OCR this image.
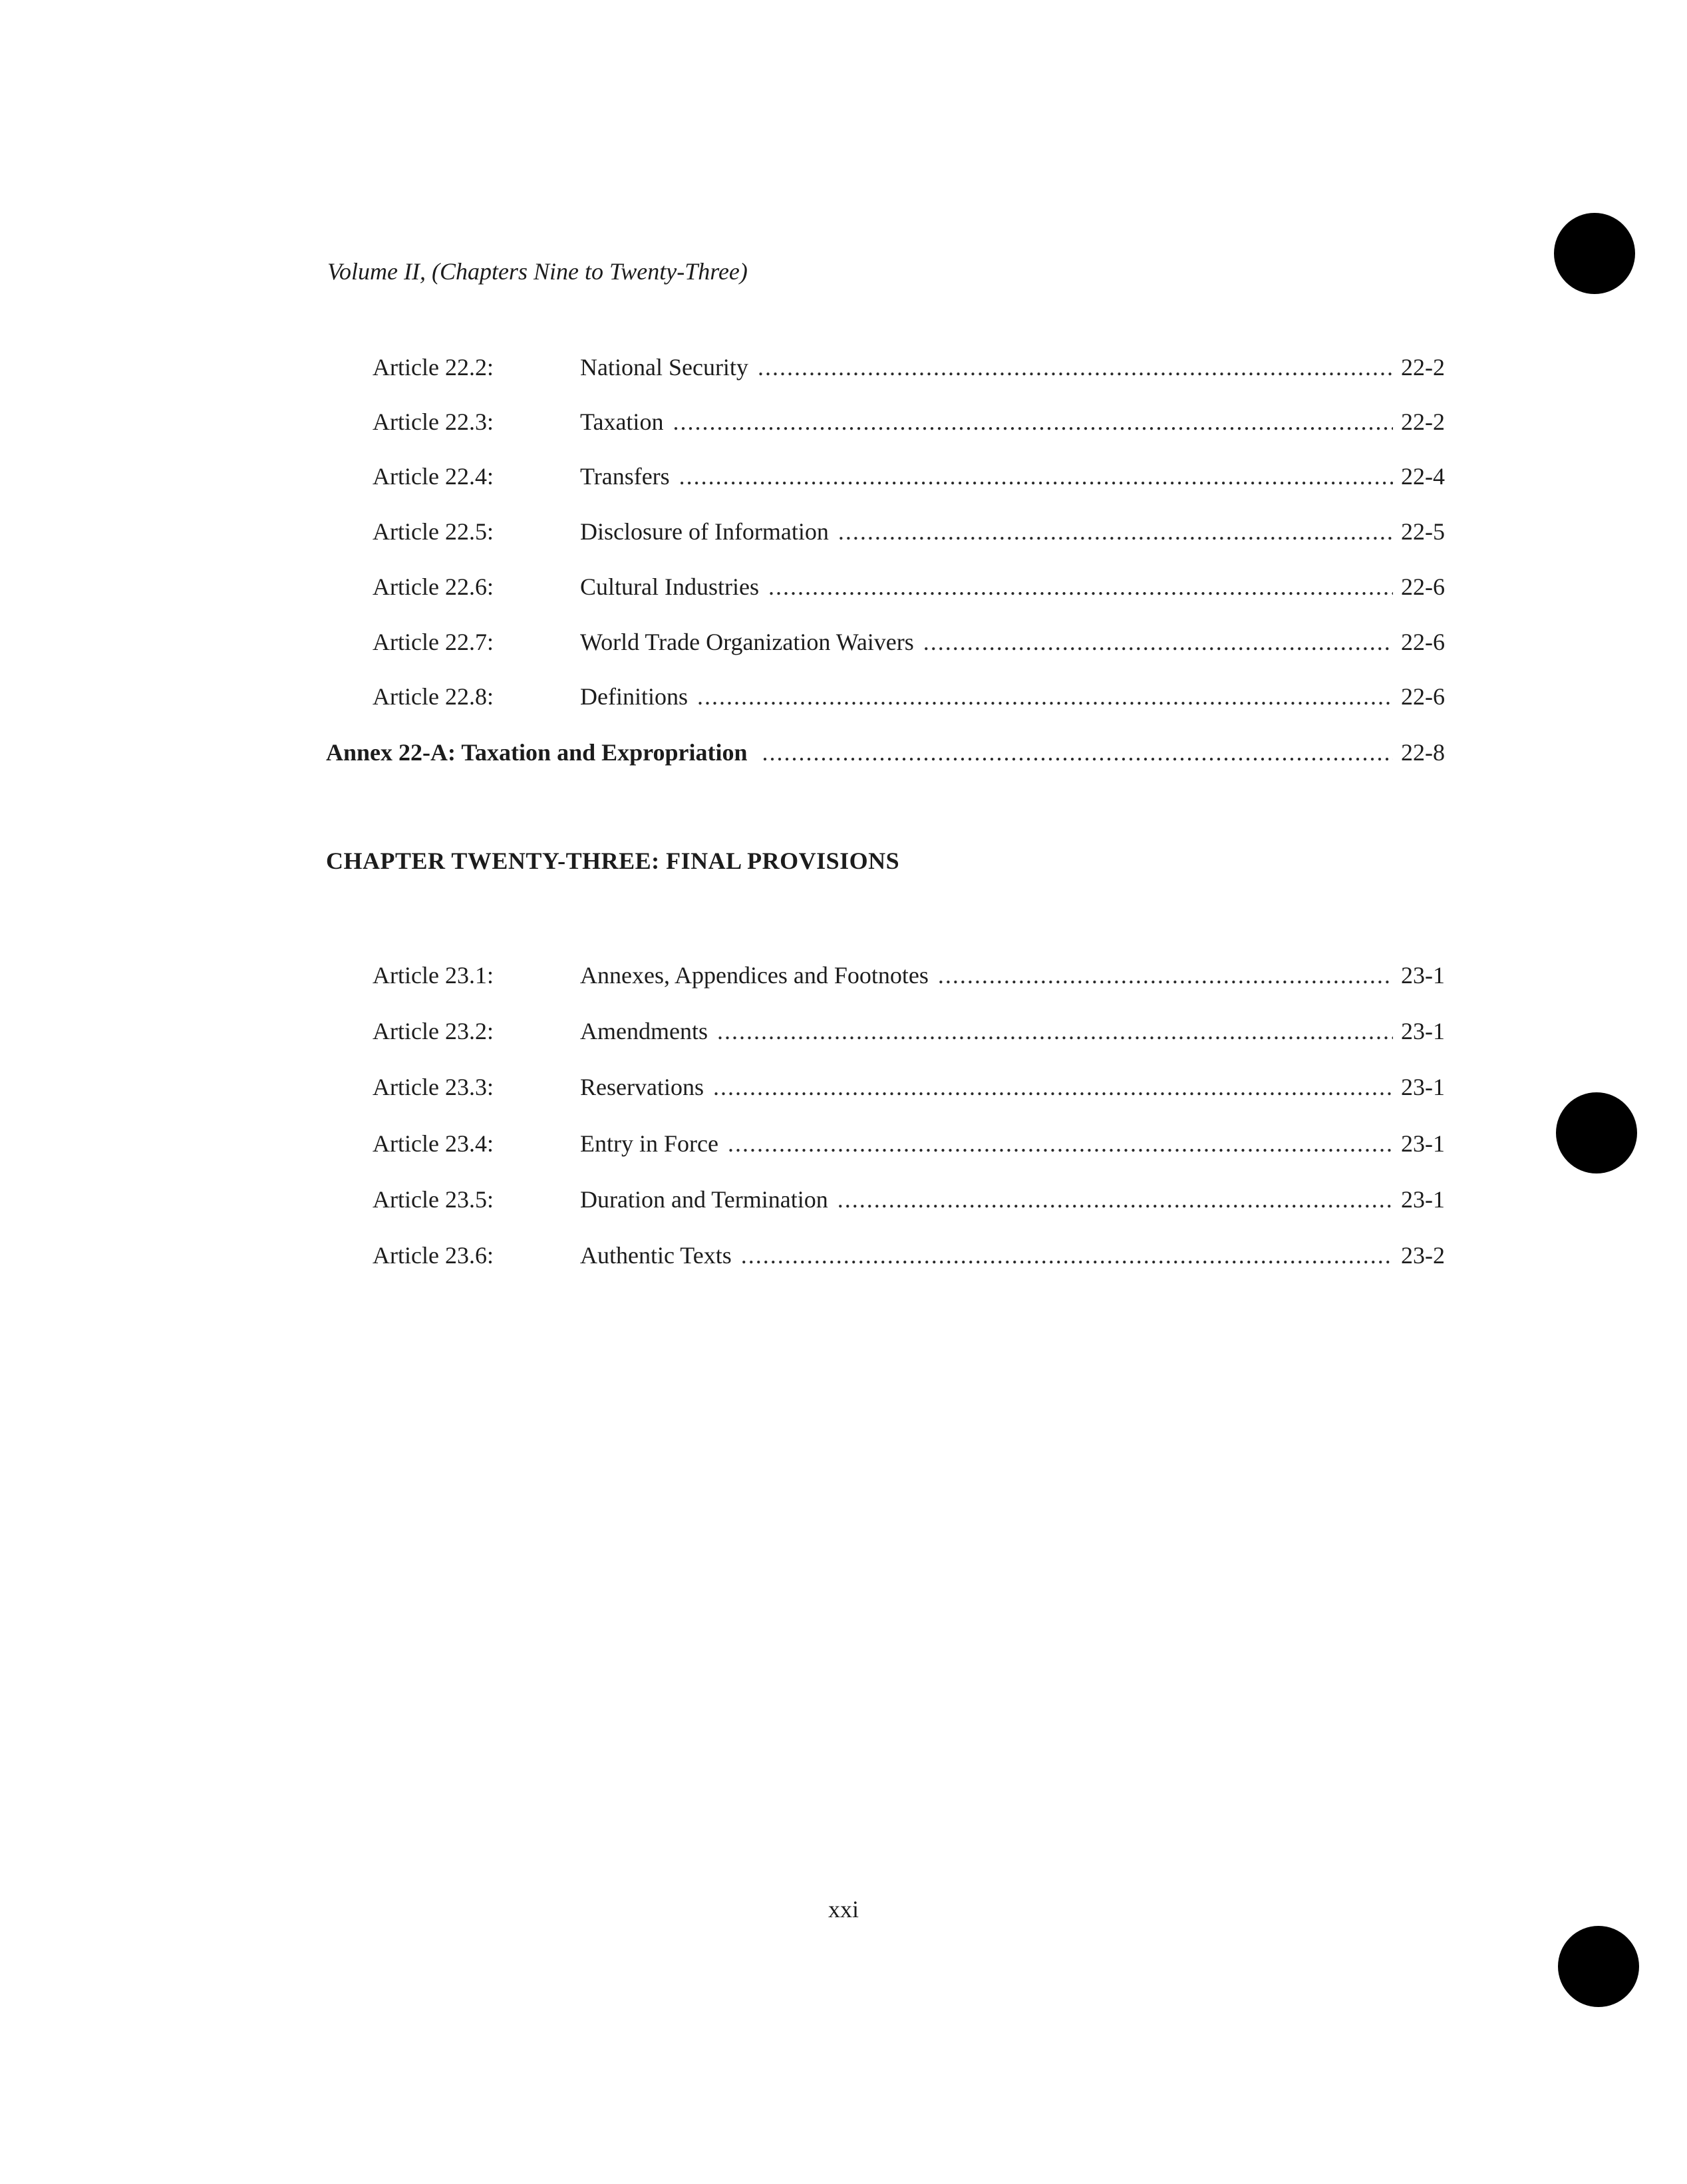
Volume II, (Chapters Nine to Twenty-Three)
Article 22.2:	National Security .....	22-2
Article 22.3:	Taxation .....	22-2
Article 22.4:	Transfers .....	22-4
Article 22.5:	Disclosure of Information .....	22-5
Article 22.6:	Cultural Industries .....	22-6
Article 22.7:	World Trade Organization Waivers .....	22-6
Article 22.8:	Definitions .....	22-6
Annex 22-A: Taxation and Expropriation .....	22-8
CHAPTER TWENTY-THREE: FINAL PROVISIONS
Article 23.1:	Annexes, Appendices and Footnotes .....	23-1
Article 23.2:	Amendments .....	23-1
Article 23.3:	Reservations .....	23-1
Article 23.4:	Entry in Force .....	23-1
Article 23.5:	Duration and Termination .....	23-1
Article 23.6:	Authentic Texts .....	23-2
xxi
